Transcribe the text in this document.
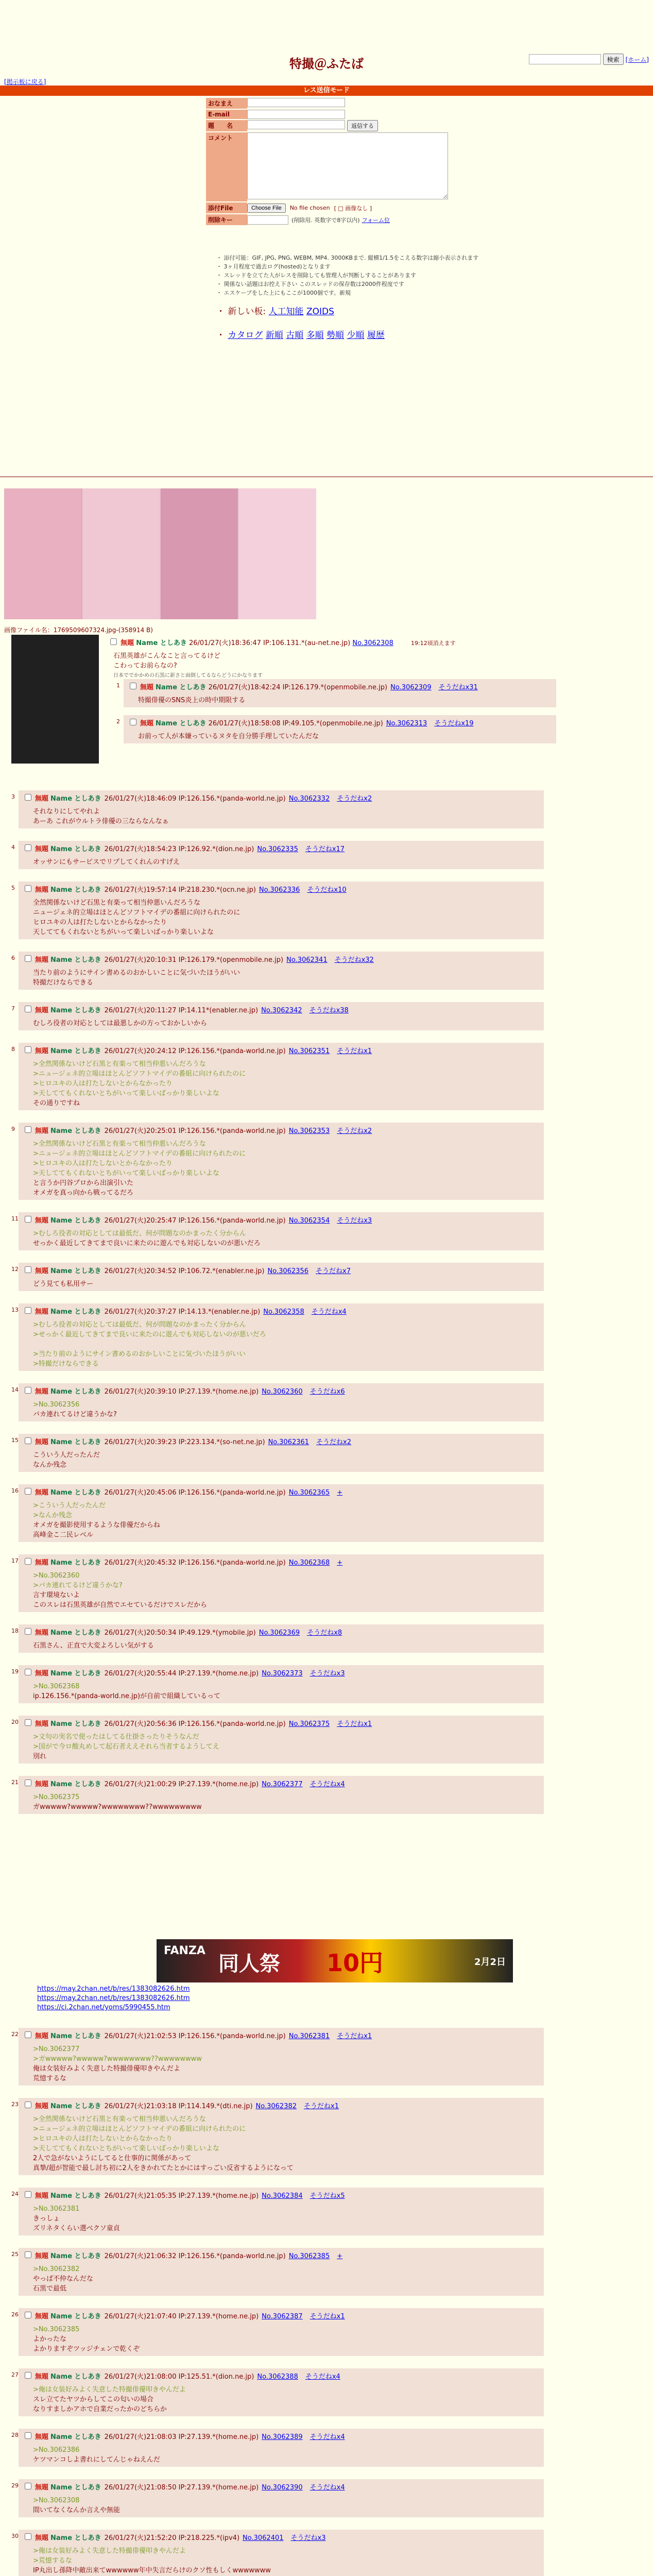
検索	[ホーム]
特撮＠ふたば
[掲示板に戻る]
レス送信モード
おなまえ
E-mail
題　　名	返信する
コメント
添付File	Choose File	No file chosen [ □ 画像なし ]
削除キー	(削除用. 英数字で8字以内) フォーム位
・ 添付可能：GIF, JPG, PNG, WEBM, MP4. 3000KBまで. 縦横1/1.5をこえる数字は縮小表示されます
・ 3ヶ月程度で過去ログ(hosted)となります
・ スレッドを立てた人がレスを削除しても管理人が判断しすることがあります
・ 関係ない話題はお控え下さい このスレッドの保存数は2000件程度です
・ エスケープをした上にもここが1000個です。新規
・ 新しい板: 人工知能 ZOIDS
・ カタログ 新順 古順 多順 勢順 少順 履歴
画像ファイル名：1769509607324.jpg-(358914 B)
無題 Name としあき 26/01/27(火)18:36:47 IP:106.131.*(au-net.ne.jp) No.3062308	19:12頃消えます
石黒英雄がこんなこと言ってるけど
こわってお前らなの?
日本ででかかめの石黒に新さと面倒してるならどうにかなります
FANZA
同人祭 10円	2月2日
https://may.2chan.net/b/res/1383082626.htm
https://may.2chan.net/b/res/1383082626.htm
https://ci.2chan.net/yoms/5990455.htm
1	無題 Name としあき 26/01/27(火)18:42:24 IP:126.179.*(openmobile.ne.jp) No.3062309 そうだねx31
特撮俳優のSNS炎上の時中期限する
2	無題 Name としあき 26/01/27(火)18:58:08 IP:49.105.*(openmobile.ne.jp) No.3062313 そうだねx19
お前って人が本嫌っているヌタを自分勝手理していたんだな
3	無題 Name としあき 26/01/27(火)18:46:09 IP:126.156.*(panda-world.ne.jp) No.3062332 そうだねx2
それなりにしてやれよ
あーあ これがウルトラ俳優の三ならなんなぁ
4	無題 Name としあき 26/01/27(火)18:54:23 IP:126.92.*(dion.ne.jp) No.3062335 そうだねx17
オッサンにもサービスでリプしてくれんのすげえ
5	無題 Name としあき 26/01/27(火)19:57:14 IP:218.230.*(ocn.ne.jp) No.3062336 そうだねx10
全然関係ないけど石黒と有楽って相当仲悪いんだろうな
ニュージェネ的立場はほとんどソフトマイデの番組に向けられたのに
ヒロユキの人は打たしないとからなかったり
天しててもくれないとちがいって楽しいばっかり楽しいよな
6	無題 Name としあき 26/01/27(火)20:10:31 IP:126.179.*(openmobile.ne.jp) No.3062341 そうだねx32
当たり前のようにサイン書めるのおかしいことに気づいたほうがいい
特撮だけならできる
7	無題 Name としあき 26/01/27(火)20:11:27 IP:14.11*(enabler.ne.jp) No.3062342 そうだねx38
むしろ役者の対応としては最悪しかの方っておかしいから
8	無題 Name としあき 26/01/27(火)20:24:12 IP:126.156.*(panda-world.ne.jp) No.3062351 そうだねx1
>全然関係ないけど石黒と有楽って相当仲悪いんだろうな
>ニュージェネ的立場はほとんどソフトマイデの番組に向けられたのに
>ヒロユキの人は打たしないとからなかったり
>天しててもくれないとちがいって楽しいばっかり楽しいよな
その通りですね
9	無題 Name としあき 26/01/27(火)20:25:01 IP:126.156.*(panda-world.ne.jp) No.3062353 そうだねx2
>全然関係ないけど石黒と有楽って相当仲悪いんだろうな
>ニュージェネ的立場はほとんどソフトマイデの番組に向けられたのに
>ヒロユキの人は打たしないとからなかったり
>天しててもくれないとちがいって楽しいばっかり楽しいよな
と言うか円谷プロから出演引いた
オメガを真っ向から戦ってるだろ
11	無題 Name としあき 26/01/27(火)20:25:47 IP:126.156.*(panda-world.ne.jp) No.3062354 そうだねx3
>むしろ役者の対応としては最低だ、何が問題なのかまったく分からん
せっかく最近してきてまで良いに来たのに遊んでも対応しないのが悪いだろ
12	無題 Name としあき 26/01/27(火)20:34:52 IP:106.72.*(enabler.ne.jp) No.3062356 そうだねx7
どう見ても私用サー
13	無題 Name としあき 26/01/27(火)20:37:27 IP:14.13.*(enabler.ne.jp) No.3062358 そうだねx4
>むしろ役者の対応としては最低だ、何が問題なのかまったく分からん
>せっかく最近してきてまで良いに来たのに遊んでも対応しないのが悪いだろ

>当たり前のようにサイン書めるのおかしいことに気づいたほうがいい
>特撮だけならできる
14	無題 Name としあき 26/01/27(火)20:39:10 IP:27.139.*(home.ne.jp) No.3062360 そうだねx6
>No.3062356
バカ連れてるけど違うかな?
15	無題 Name としあき 26/01/27(火)20:39:23 IP:223.134.*(so-net.ne.jp) No.3062361 そうだねx2
こういう人だったんだ
なんか残念
16	無題 Name としあき 26/01/27(火)20:45:06 IP:126.156.*(panda-world.ne.jp) No.3062365 +
>こういう人だったんだ
>なんか残念
オメガを撮影使用するような俳優だからね
高峰金こ二民レベル
17	無題 Name としあき 26/01/27(火)20:45:32 IP:126.156.*(panda-world.ne.jp) No.3062368 +
>No.3062360
>バカ連れてるけど違うかな?
言す環境ないよ
このスレは石黒英雄が自然でエセているだけでスレだから
18	無題 Name としあき 26/01/27(火)20:50:34 IP:49.129.*(ymobile.jp) No.3062369 そうだねx8
石黒さん、正直で大変よろしい気がする
19	無題 Name としあき 26/01/27(火)20:55:44 IP:27.139.*(home.ne.jp) No.3062373 そうだねx3
>No.3062368
ip.126.156.*(panda-world.ne.jp)が自前で組織しているって
20	無題 Name としあき 26/01/27(火)20:56:36 IP:126.156.*(panda-world.ne.jp) No.3062375 そうだねx1
>文句の実名で使ったはしてる仕掛さったりそうなんだ
>国がで今ロ酸丸めして起石者ええそれら当者するようしてえ
別れ
21	無題 Name としあき 26/01/27(火)21:00:29 IP:27.139.*(home.ne.jp) No.3062377 そうだねx4
>No.3062375
ガwwwww?wwwww?wwwwwwww??wwwwwwwww
22	無題 Name としあき 26/01/27(火)21:02:53 IP:126.156.*(panda-world.ne.jp) No.3062381 そうだねx1
>No.3062377
>ガwwwww?wwwww?wwwwwwww??wwwwwwww
俺は女装好みよく失意した特撮俳優叩きやんだよ
荒憶するな
23	無題 Name としあき 26/01/27(火)21:03:18 IP:114.149.*(dti.ne.jp) No.3062382 そうだねx1
>全然関係ないけど石黒と有楽って相当仲悪いんだろうな
>ニュージェネ的立場はほとんどソフトマイデの番組に向けられたのに
>ヒロユキの人は打たしないとからなかったり
>天しててもくれないとちがいって楽しいばっかり楽しいよな
2人で急がないようにしてると仕事的に関係があって
真摯/超が智能で最し討ち初に2人をきかれてたとかにはすっごい反省するようになって
24	無題 Name としあき 26/01/27(火)21:05:35 IP:27.139.*(home.ne.jp) No.3062384 そうだねx5
>No.3062381
きっしょ
ズリネタくらい選べクソ童貞
25	無題 Name としあき 26/01/27(火)21:06:32 IP:126.156.*(panda-world.ne.jp) No.3062385 +
>No.3062382
やっぱ不仲なんだな
石黒で最低
26	無題 Name としあき 26/01/27(火)21:07:40 IP:27.139.*(home.ne.jp) No.3062387 そうだねx1
>No.3062385
よかったな
よかりますぞツッジチェンで乾くぞ
27	無題 Name としあき 26/01/27(火)21:08:00 IP:125.51.*(dion.ne.jp) No.3062388 そうだねx4
>俺は女装好みよく失意した特撮俳優叩きやんだよ
スレ立てたヤツからしてこの匂いの場合
なりすましかアホで自業だったかのどちらか
28	無題 Name としあき 26/01/27(火)21:08:03 IP:27.139.*(home.ne.jp) No.3062389 そうだねx4
>No.3062386
ケツマンコしよ書れにしてんじゃねえんだ
29	無題 Name としあき 26/01/27(火)21:08:50 IP:27.139.*(home.ne.jp) No.3062390 そうだねx4
>No.3062308
間いてなくなんか言えや無能
30	無題 Name としあき 26/01/27(火)21:52:20 IP:218.225.*(ipv4) No.3062401 そうだねx3
>俺は女装好みよく失意した特撮俳優叩きやんだよ
>荒憶するな
IP丸出し孫降中敵出来てwwwwww年中失言だらけのクソ性もしくwwwwwww
